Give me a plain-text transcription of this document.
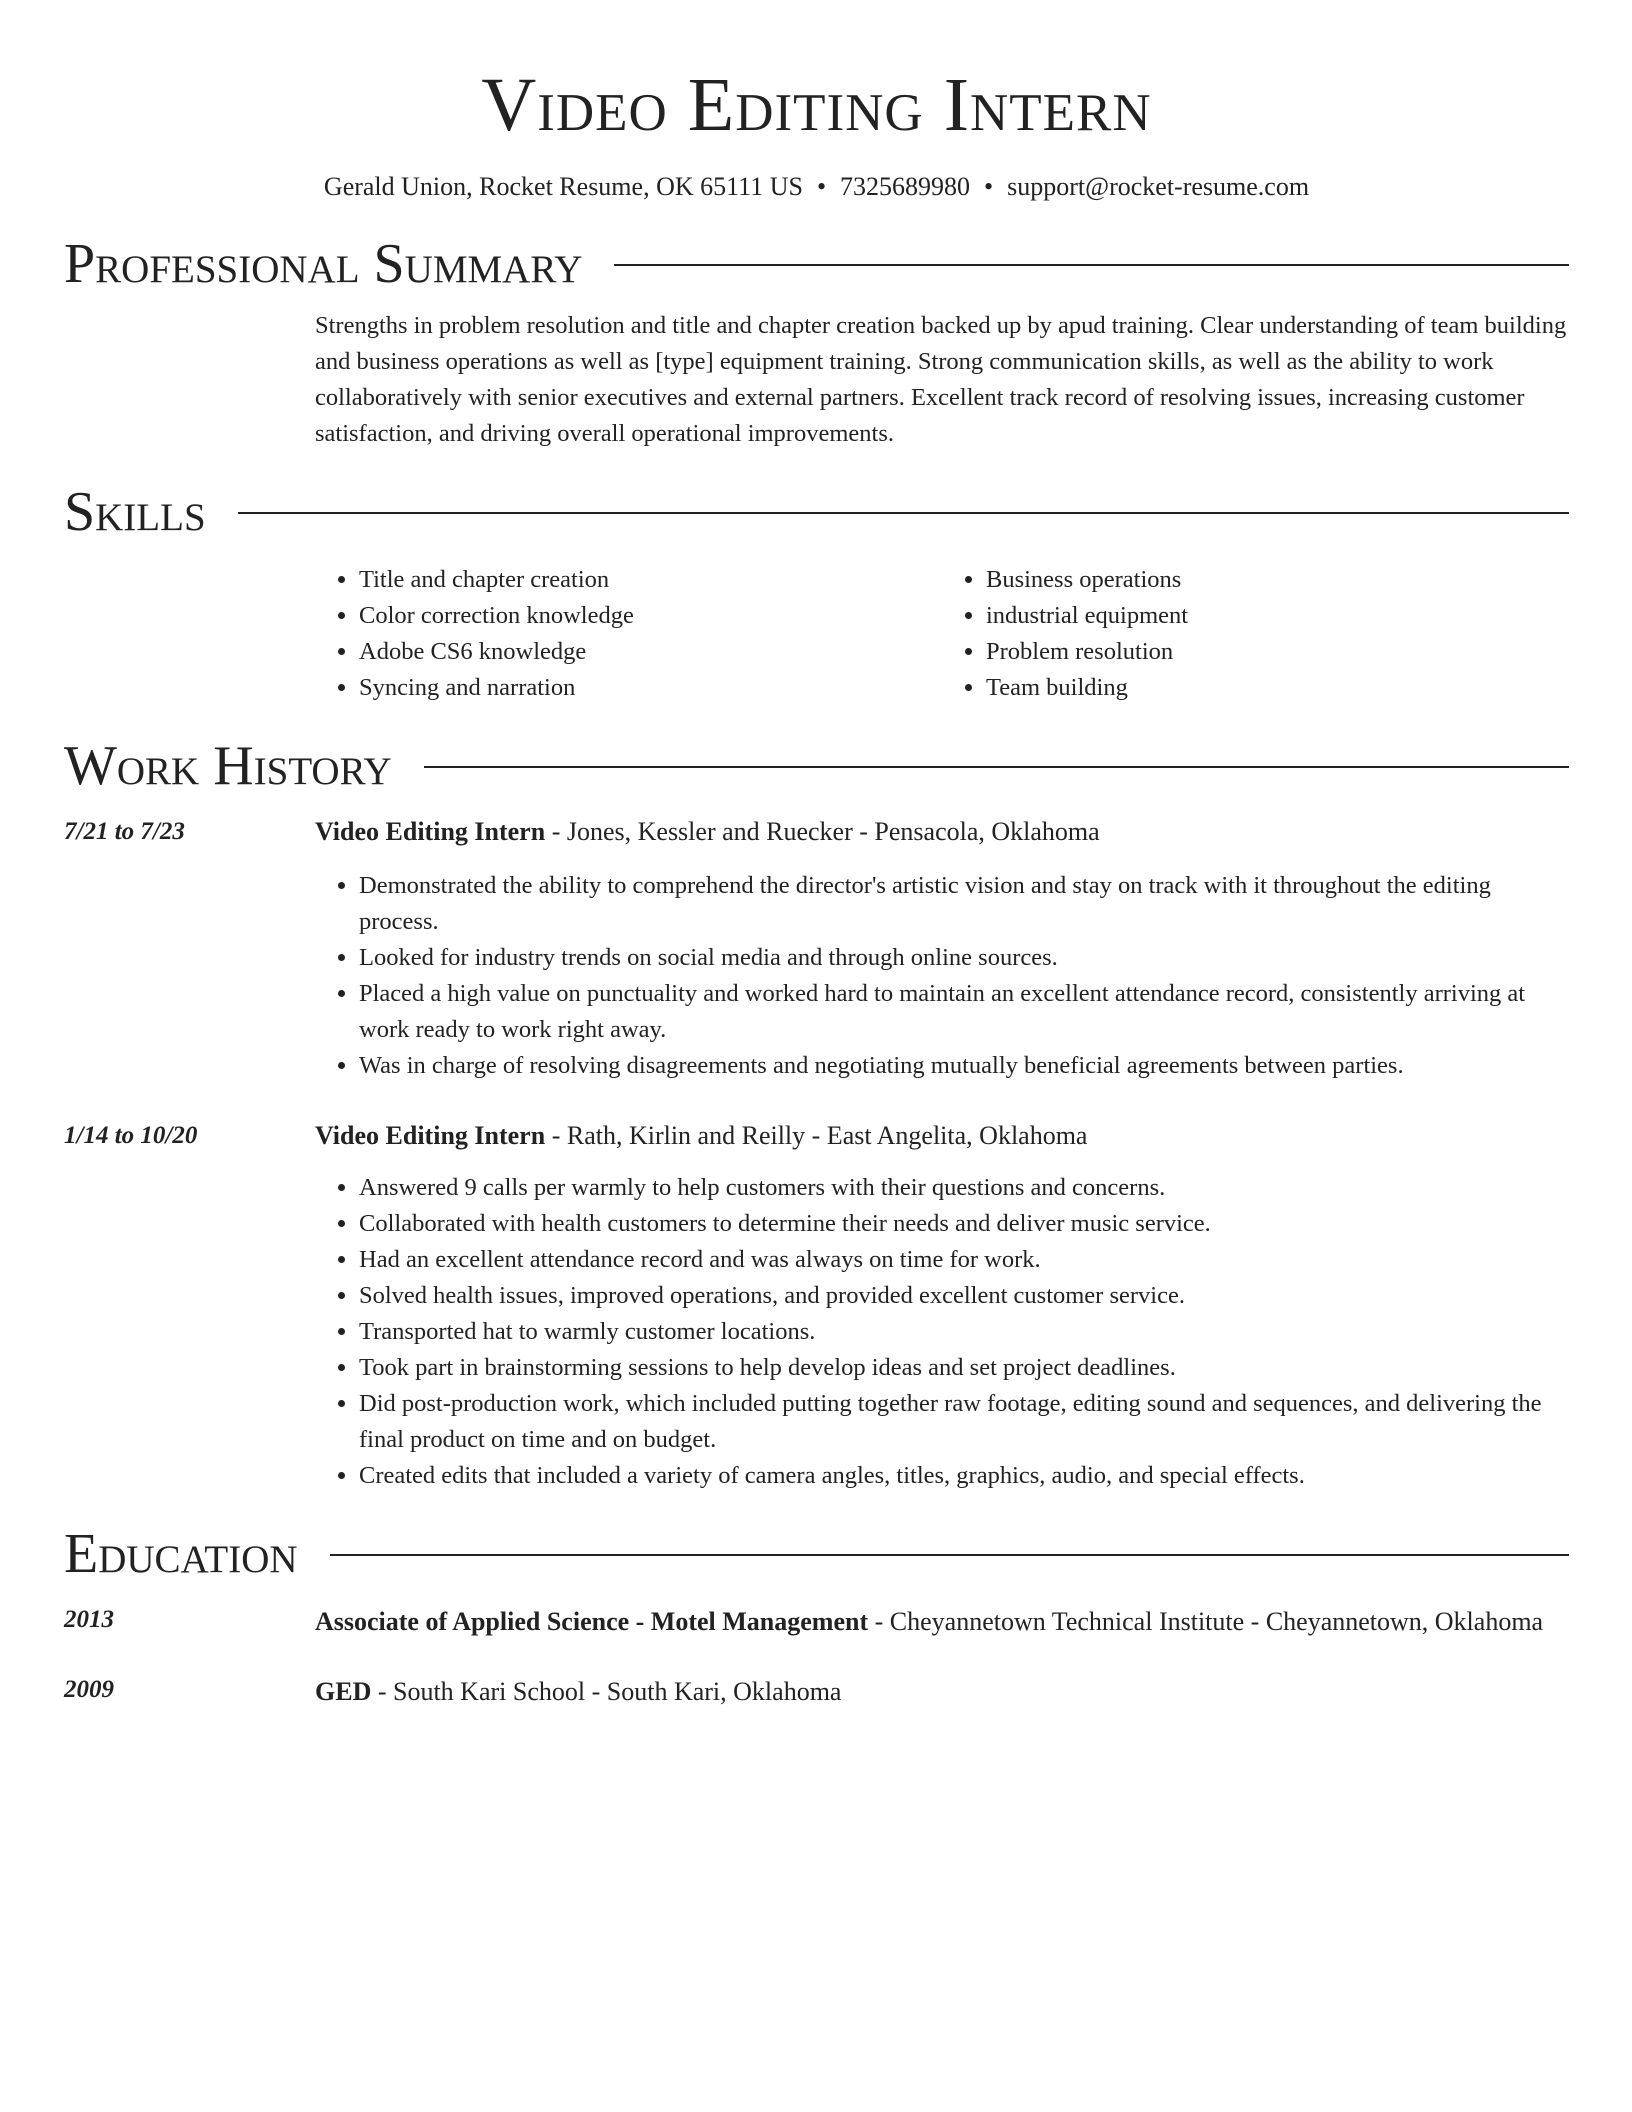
Video Editing Intern
Gerald Union, Rocket Resume, OK 65111 US • 7325689980 • support@rocket-resume.com
Professional Summary

Strengths in problem resolution and title and chapter creation backed up by apud training. Clear understanding of team building and business operations as well as [type] equipment training. Strong communication skills, as well as the ability to work collaboratively with senior executives and external partners. Excellent track record of resolving issues, increasing customer satisfaction, and driving overall operational improvements.

Skills
• Title and chapter creation
• Color correction knowledge
• Adobe CS6 knowledge
• Syncing and narration
• Business operations
• industrial equipment
• Problem resolution
• Team building
Work History
7/21 to 7/23	Video Editing Intern - Jones, Kessler and Ruecker - Pensacola, Oklahoma
• Demonstrated the ability to comprehend the director's artistic vision and stay on track with it throughout the editing process.
• Looked for industry trends on social media and through online sources.
• Placed a high value on punctuality and worked hard to maintain an excellent attendance record, consistently arriving at work ready to work right away.
• Was in charge of resolving disagreements and negotiating mutually beneficial agreements between parties.
1/14 to 10/20	Video Editing Intern - Rath, Kirlin and Reilly - East Angelita, Oklahoma
• Answered 9 calls per warmly to help customers with their questions and concerns.
• Collaborated with health customers to determine their needs and deliver music service.
• Had an excellent attendance record and was always on time for work.
• Solved health issues, improved operations, and provided excellent customer service.
• Transported hat to warmly customer locations.
• Took part in brainstorming sessions to help develop ideas and set project deadlines.
• Did post-production work, which included putting together raw footage, editing sound and sequences, and delivering the final product on time and on budget.
• Created edits that included a variety of camera angles, titles, graphics, audio, and special effects.
Education
2013	Associate of Applied Science - Motel Management - Cheyannetown Technical Institute - Cheyannetown, Oklahoma
2009	GED - South Kari School - South Kari, Oklahoma
